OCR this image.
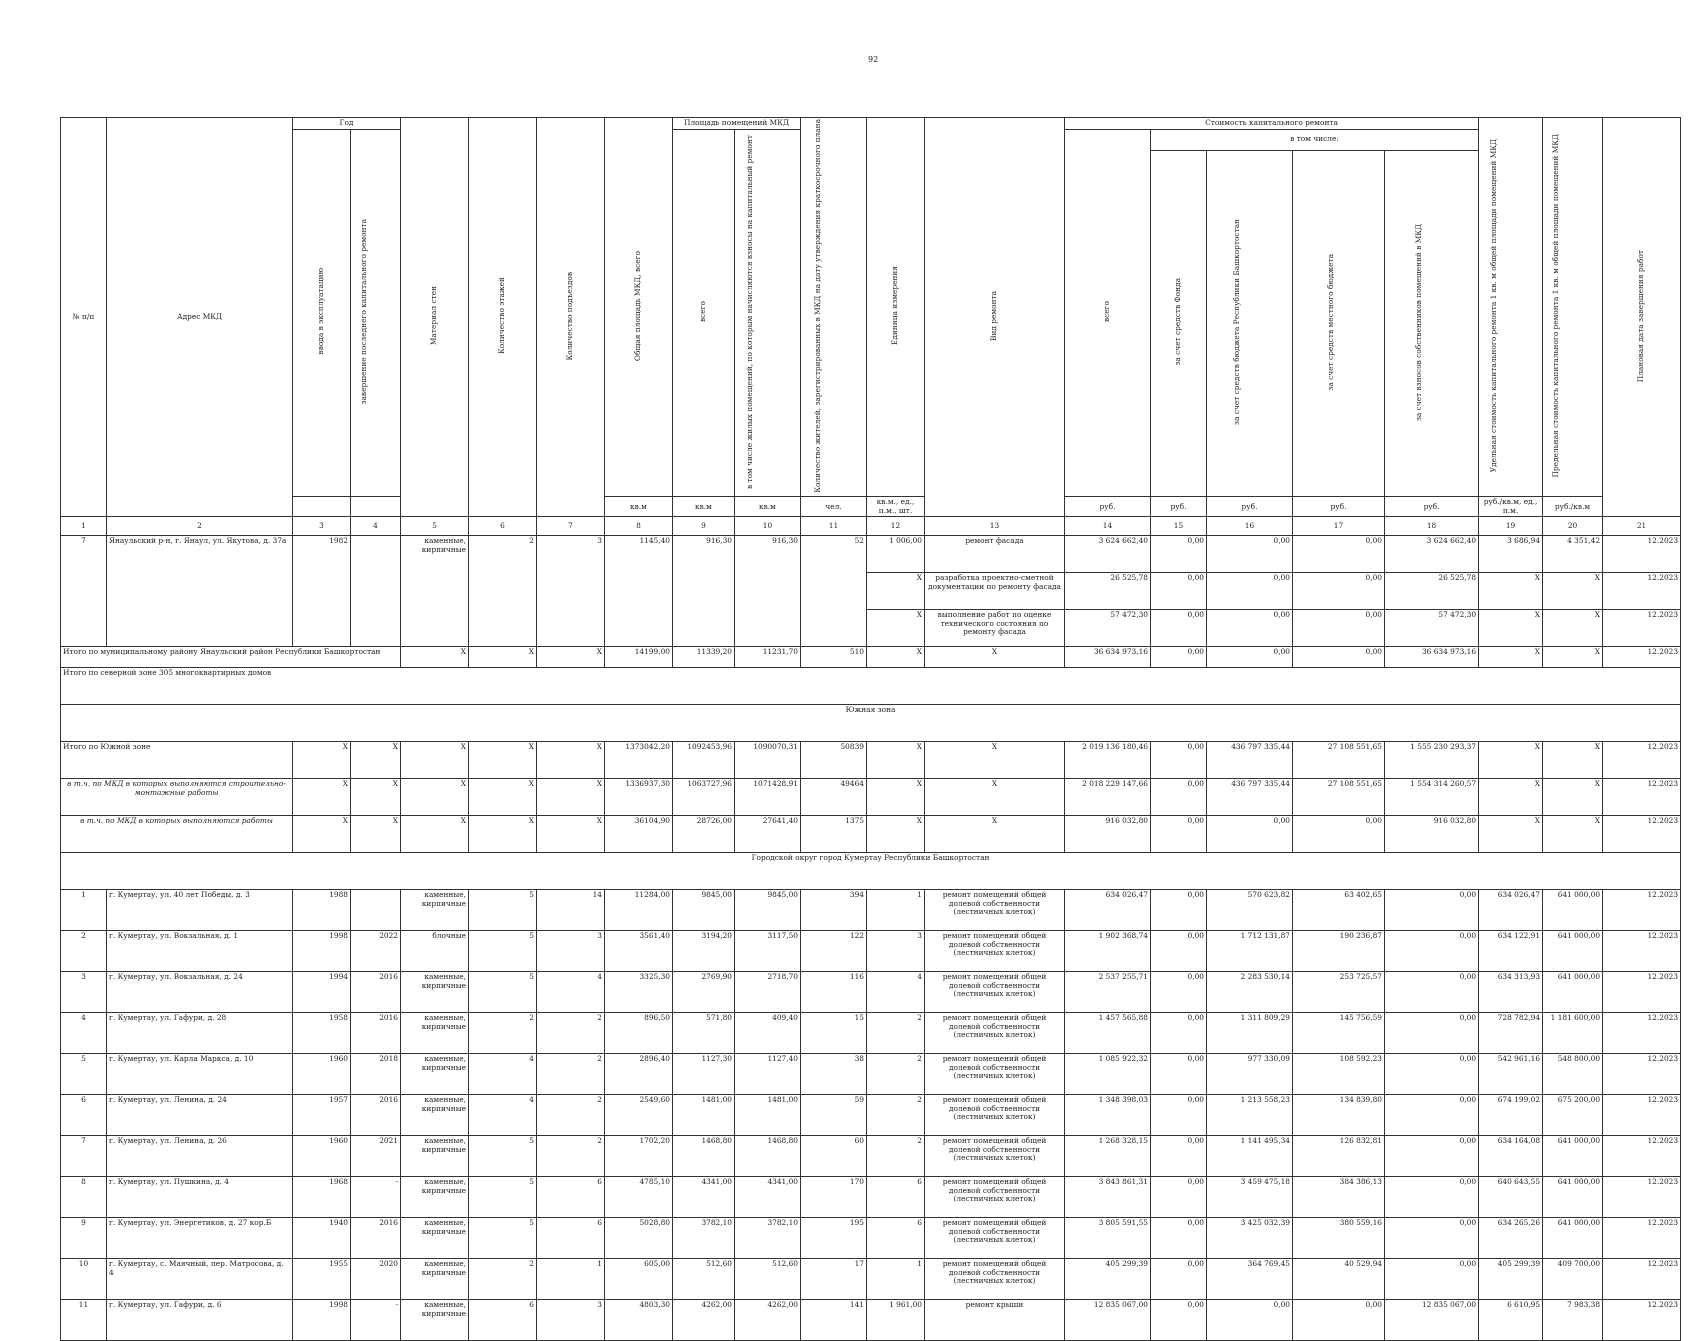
92
№ п/п	Адрес МКД	Год		Материал стен	Количество этажей	Количество подъездов	Общая площадь МКД, всего	Площадь помещений МКД		Количество жителей, зарегистрированных в МКД на дату утверждения краткосрочного плана	Единица измерения	Вид ремонта	Стоимость капитального ремонта					Удельная стоимость капитального ремонта 1 кв. м общей площади помещений МКД	Предельная стоимость капитального ремонта 1 кв. м общей площади помещений МКД	Плановая дата завершения работ
		ввода в эксплуатацию	завершение последнего капитального ремонта					всего	в том числе жилых помещений, по которым начисляются взносы на капитальный ремонт				всего	в том числе:						
														за счет средств Фонда	за счет средств бюджета Республики Башкортостан	за счет средств местного бюджета	за счет взносов собственников помещений в МКД			
							кв.м	кв.м	кв.м	чел.	кв.м., ед., п.м., шт.		руб.	руб.	руб.	руб.	руб.	руб./кв.м, ед., п.м.	руб./кв.м	
1	2	3	4	5	6	7	8	9	10	11	12	13	14	15	16	17	18	19	20	21
7	Янаульский р-н, г. Янаул, ул. Якутова, д. 37а	1982		каменные, кирпичные	2	3	1145,40	916,30	916,30	52	1 006,00	ремонт фасада	3 624 662,40	0,00	0,00	0,00	3 624 662,40	3 686,94	4 351,42	12.2023
											X	разработка проектно-сметной документации по ремонту фасада	26 525,78	0,00	0,00	0,00	26 525,78	X	X	12.2023
											X	выполнение работ по оценке технического состояния по ремонту фасада	57 472,30	0,00	0,00	0,00	57 472,30	X	X	12.2023
Итого по муниципальному району Янаульский район Республики Башкортостан				X	X	X	14199,00	11339,20	11231,70	510	X	X	36 634 973,16	0,00	0,00	0,00	36 634 973,16	X	X	12.2023
Итого по северной зоне 305 многоквартирных домов																				
Южная зона																				
Итого по Южной зоне		X	X	X	X	X	1373042,20	1092453,96	1090070,31	50839	X	X	2 019 136 180,46	0,00	436 797 335,44	27 108 551,65	1 555 230 293,37	X	X	12.2023
в т.ч. по МКД в которых выполняются строительно-монтажные работы		X	X	X	X	X	1336937,30	1063727,96	1071428,91	49464	X	X	2 018 229 147,66	0,00	436 797 335,44	27 108 551,65	1 554 314 260,57	X	X	12.2023
в т.ч. по МКД в которых выполняются работы		X	X	X	X	X	36104,90	28726,00	27641,40	1375	X	X	916 032,80	0,00	0,00	0,00	916 032,80	X	X	12.2023
Городской округ город Кумертау Республики Башкортостан																				
1	г. Кумертау, ул. 40 лет Победы, д. 3	1988		каменные, кирпичные	5	14	11284,00	9845,00	9845,00	394	1	ремонт помещений общей долевой собственности (лестничных клеток)	634 026,47	0,00	570 623,82	63 402,65	0,00	634 026,47	641 000,00	12.2023
2	г. Кумертау, ул. Вокзальная, д. 1	1998	2022	блочные	5	3	3561,40	3194,20	3117,50	122	3	ремонт помещений общей долевой собственности (лестничных клеток)	1 902 368,74	0,00	1 712 131,87	190 236,87	0,00	634 122,91	641 000,00	12.2023
3	г. Кумертау, ул. Вокзальная, д. 24	1994	2016	каменные, кирпичные	5	4	3325,30	2769,90	2718,70	116	4	ремонт помещений общей долевой собственности (лестничных клеток)	2 537 255,71	0,00	2 283 530,14	253 725,57	0,00	634 313,93	641 000,00	12.2023
4	г. Кумертау, ул. Гафури, д. 28	1958	2016	каменные, кирпичные	2	2	896,50	571,80	409,40	15	2	ремонт помещений общей долевой собственности (лестничных клеток)	1 457 565,88	0,00	1 311 809,29	145 756,59	0,00	728 782,94	1 181 600,00	12.2023
5	г. Кумертау, ул. Карла Маркса, д. 10	1960	2018	каменные, кирпичные	4	2	2896,40	1127,30	1127,40	38	2	ремонт помещений общей долевой собственности (лестничных клеток)	1 085 922,32	0,00	977 330,09	108 592,23	0,00	542 961,16	548 800,00	12.2023
6	г. Кумертау, ул. Ленина, д. 24	1957	2016	каменные, кирпичные	4	2	2549,60	1481,00	1481,00	59	2	ремонт помещений общей долевой собственности (лестничных клеток)	1 348 398,03	0,00	1 213 558,23	134 839,80	0,00	674 199,02	675 200,00	12.2023
7	г. Кумертау, ул. Ленина, д. 26	1960	2021	каменные, кирпичные	5	2	1702,20	1468,80	1468,80	60	2	ремонт помещений общей долевой собственности (лестничных клеток)	1 268 328,15	0,00	1 141 495,34	126 832,81	0,00	634 164,08	641 000,00	12.2023
8	г. Кумертау, ул. Пушкина, д. 4	1968	-	каменные, кирпичные	5	6	4785,10	4341,00	4341,00	170	6	ремонт помещений общей долевой собственности (лестничных клеток)	3 843 861,31	0,00	3 459 475,18	384 386,13	0,00	640 643,55	641 000,00	12.2023
9	г. Кумертау, ул. Энергетиков, д. 27 кор.Б	1940	2016	каменные, кирпичные	5	6	5028,80	3782,10	3782,10	195	6	ремонт помещений общей долевой собственности (лестничных клеток)	3 805 591,55	0,00	3 425 032,39	380 559,16	0,00	634 265,26	641 000,00	12.2023
10	г. Кумертау, с. Маячный, пер. Матросова, д. 4	1955	2020	каменные, кирпичные	2	1	605,00	512,60	512,60	17	1	ремонт помещений общей долевой собственности (лестничных клеток)	405 299,39	0,00	364 769,45	40 529,94	0,00	405 299,39	409 700,00	12.2023
11	г. Кумертау, ул. Гафури, д. 6	1998	-	каменные, кирпичные	6	3	4803,30	4262,00	4262,00	141	1 961,00	ремонт крыши	12 835 067,00	0,00	0,00	0,00	12 835 067,00	6 610,95	7 983,38	12.2023
